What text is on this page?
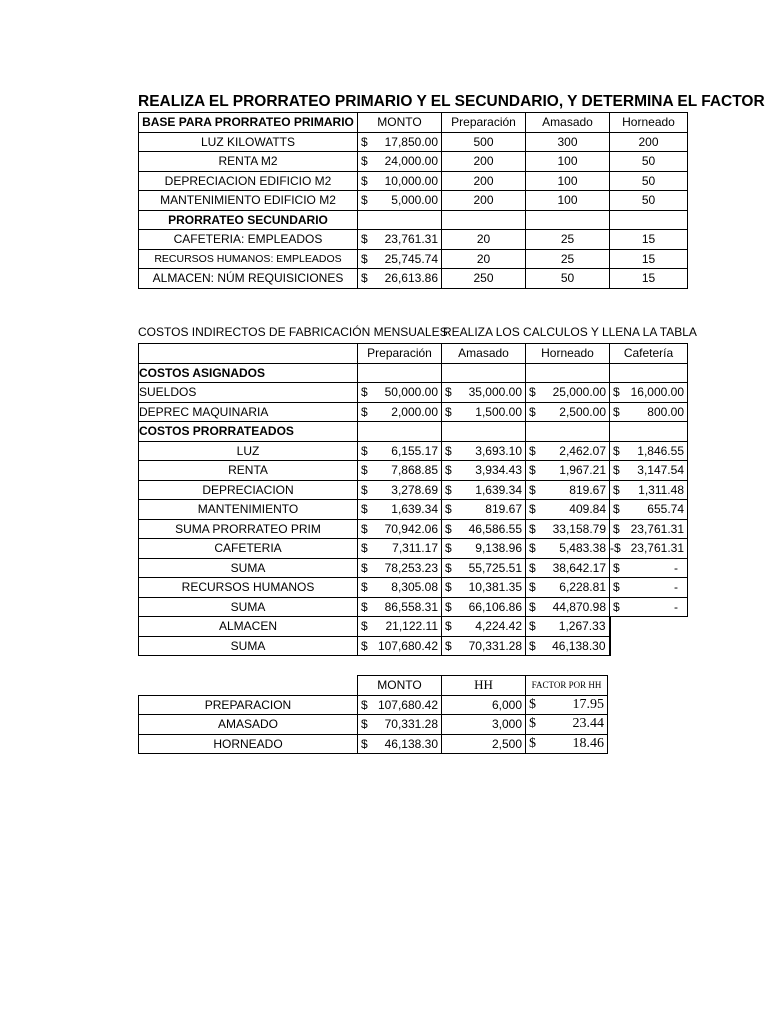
REALIZA EL PRORRATEO PRIMARIO Y EL SECUNDARIO, Y DETERMINA EL FACTOR
BASE PARA PRORRATEO PRIMARIO	MONTO	Preparación	Amasado	Horneado
LUZ KILOWATTS	$ 17,850.00	500	300	200
RENTA M2	$ 24,000.00	200	100	50
DEPRECIACION EDIFICIO M2	$ 10,000.00	200	100	50
MANTENIMIENTO EDIFICIO M2	$ 5,000.00	200	100	50
PRORRATEO SECUNDARIO				
CAFETERIA: EMPLEADOS	$ 23,761.31	20	25	15
RECURSOS HUMANOS: EMPLEADOS	$ 25,745.74	20	25	15
ALMACEN: NÚM REQUISICIONES	$ 26,613.86	250	50	15
COSTOS INDIRECTOS DE FABRICACIÓN MENSUALES
REALIZA LOS CALCULOS Y LLENA LA TABLA
	Preparación	Amasado	Horneado	Cafetería
COSTOS ASIGNADOS				
SUELDOS	$ 50,000.00	$ 35,000.00	$ 25,000.00	$ 16,000.00

DEPREC MAQUINARIA	$ 2,000.00	$ 1,500.00	$ 2,500.00	$ 800.00

COSTOS PRORRATEADOS				
LUZ	$ 6,155.17	$ 3,693.10	$ 2,462.07	$ 1,846.55

RENTA	$ 7,868.85	$ 3,934.43	$ 1,967.21	$ 3,147.54

DEPRECIACION	$ 3,278.69	$ 1,639.34	$ 819.67	$ 1,311.48

MANTENIMIENTO	$ 1,639.34	$ 819.67	$ 409.84	$ 655.74

SUMA PRORRATEO PRIM	$ 70,942.06	$ 46,586.55	$ 33,158.79	$ 23,761.31

CAFETERIA	$ 7,311.17	$ 9,138.96	$ 5,483.38	-$ 23,761.31

SUMA	$ 78,253.23	$ 55,725.51	$ 38,642.17	$ -

RECURSOS HUMANOS	$ 8,305.08	$ 10,381.35	$ 6,228.81	$ -

SUMA	$ 86,558.31	$ 66,106.86	$ 44,870.98	$ -

ALMACEN	$ 21,122.11	$ 4,224.42	$ 1,267.33	

SUMA	$ 107,680.42	$ 70,331.28	$ 46,138.30	

	MONTO	HH	FACTOR POR HH
PREPARACION	$ 107,680.42	6,000	$ 17.95

AMASADO	$ 70,331.28	3,000	$ 23.44

HORNEADO	$ 46,138.30	2,500	$ 18.46
